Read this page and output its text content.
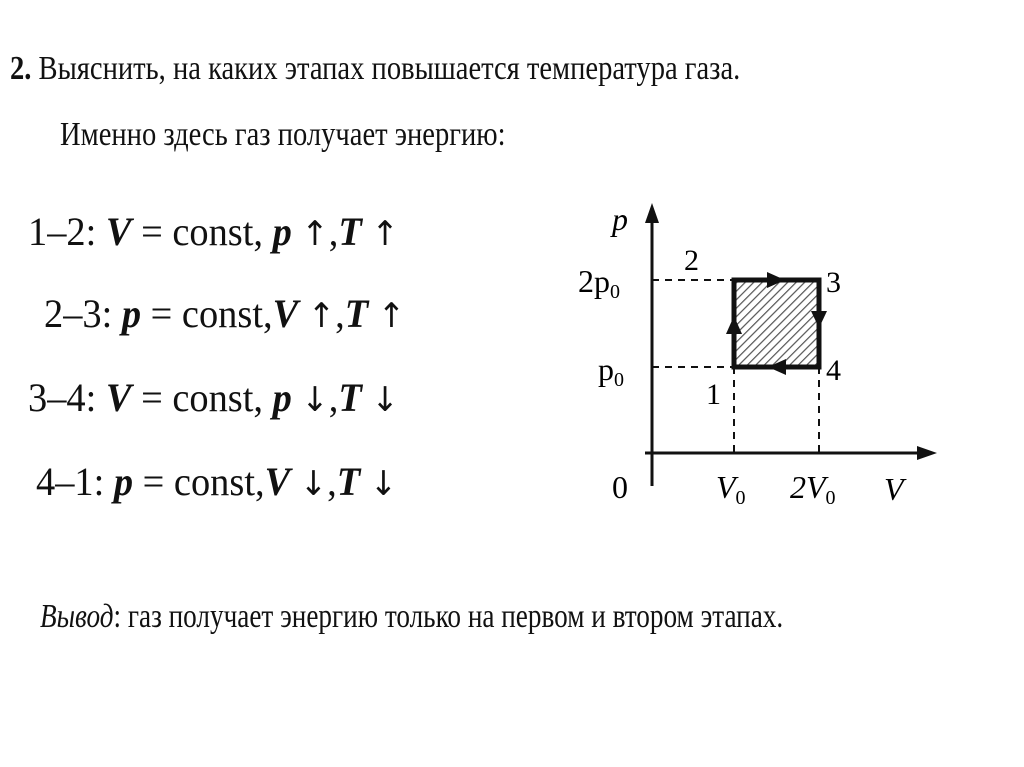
2. Выяснить, на каких этапах повышается температура газа.
Именно здесь газ получает энергию:
1–2: V = const, p ↑,T ↑
2–3: p = const,V ↑,T ↑
3–4: V = const, p ↓,T ↓
4–1: p = const,V ↓,T ↓
p
V
0
2p0
p0
V0 2V0
1
2
3
4
Вывод: газ получает энергию только на первом и втором этапах.
